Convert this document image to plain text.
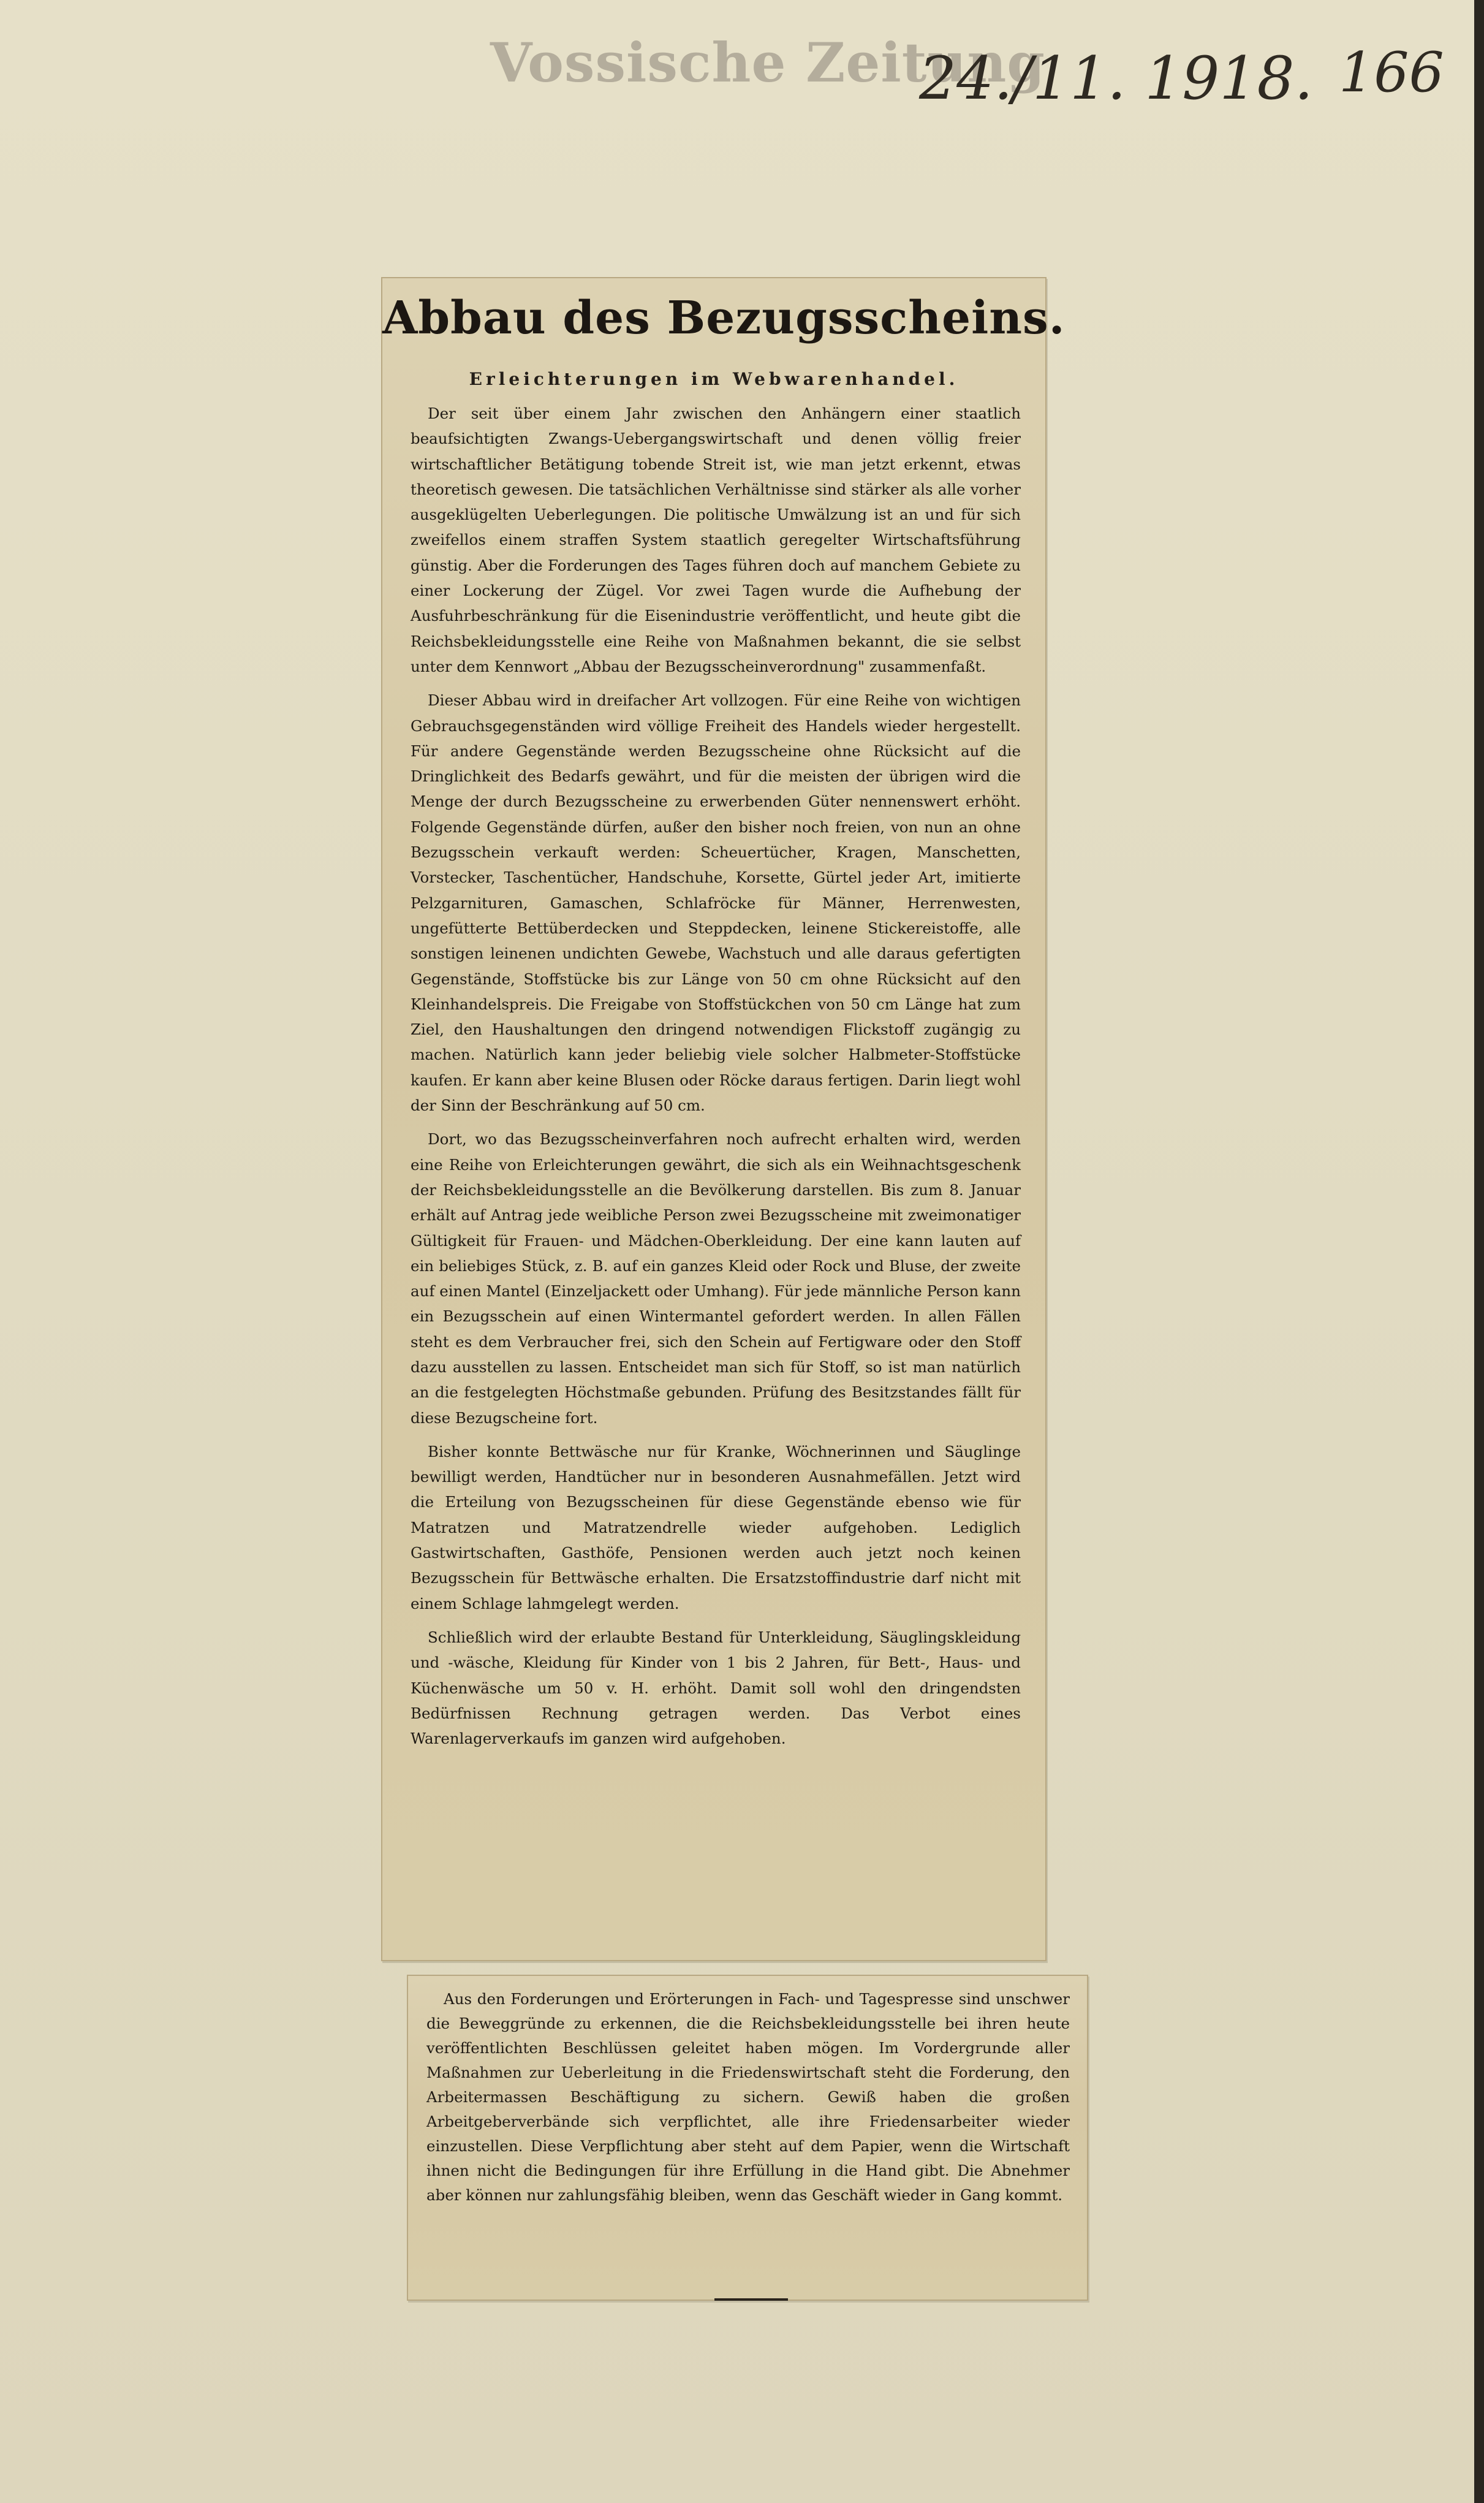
Vossische Zeitung
24./11. 1918. 166
Abbau des Bezugsscheins.
Erleichterungen im Webwarenhandel.

Der seit über einem Jahr zwischen den Anhängern einer staatlich beaufsichtigten Zwangs-Uebergangswirtschaft und denen völlig freier wirtschaftlicher Betätigung tobende Streit ist, wie man jetzt erkennt, etwas theoretisch gewesen. Die tatsächlichen Verhältnisse sind stärker als alle vorher ausgeklügelten Ueberlegungen. Die politische Umwälzung ist an und für sich zweifellos einem straffen System staatlich geregelter Wirtschaftsführung günstig. Aber die Forderungen des Tages führen doch auf manchem Gebiete zu einer Lockerung der Zügel. Vor zwei Tagen wurde die Aufhebung der Ausfuhrbeschränkung für die Eisenindustrie veröffentlicht, und heute gibt die Reichsbekleidungsstelle eine Reihe von Maßnahmen bekannt, die sie selbst unter dem Kennwort „Abbau der Bezugsscheinverordnung" zusammenfaßt.

Dieser Abbau wird in dreifacher Art vollzogen. Für eine Reihe von wichtigen Gebrauchsgegenständen wird völlige Freiheit des Handels wieder hergestellt. Für andere Gegenstände werden Bezugsscheine ohne Rücksicht auf die Dringlichkeit des Bedarfs gewährt, und für die meisten der übrigen wird die Menge der durch Bezugsscheine zu erwerbenden Güter nennenswert erhöht. Folgende Gegenstände dürfen, außer den bisher noch freien, von nun an ohne Bezugsschein verkauft werden: Scheuertücher, Kragen, Manschetten, Vorstecker, Taschentücher, Handschuhe, Korsette, Gürtel jeder Art, imitierte Pelzgarnituren, Gamaschen, Schlafröcke für Männer, Herrenwesten, ungefütterte Bettüberdecken und Steppdecken, leinene Stickereistoffe, alle sonstigen leinenen undichten Gewebe, Wachstuch und alle daraus gefertigten Gegenstände, Stoffstücke bis zur Länge von 50 cm ohne Rücksicht auf den Kleinhandelspreis. Die Freigabe von Stoffstückchen von 50 cm Länge hat zum Ziel, den Haushaltungen den dringend notwendigen Flickstoff zugängig zu machen. Natürlich kann jeder beliebig viele solcher Halbmeter-Stoffstücke kaufen. Er kann aber keine Blusen oder Röcke daraus fertigen. Darin liegt wohl der Sinn der Beschränkung auf 50 cm.

Dort, wo das Bezugsscheinverfahren noch aufrecht erhalten wird, werden eine Reihe von Erleichterungen gewährt, die sich als ein Weihnachtsgeschenk der Reichsbekleidungsstelle an die Bevölkerung darstellen. Bis zum 8. Januar erhält auf Antrag jede weibliche Person zwei Bezugsscheine mit zweimonatiger Gültigkeit für Frauen- und Mädchen-Oberkleidung. Der eine kann lauten auf ein beliebiges Stück, z. B. auf ein ganzes Kleid oder Rock und Bluse, der zweite auf einen Mantel (Einzeljackett oder Umhang). Für jede männliche Person kann ein Bezugsschein auf einen Wintermantel gefordert werden. In allen Fällen steht es dem Verbraucher frei, sich den Schein auf Fertigware oder den Stoff dazu ausstellen zu lassen. Entscheidet man sich für Stoff, so ist man natürlich an die festgelegten Höchstmaße gebunden. Prüfung des Besitzstandes fällt für diese Bezugscheine fort.

Bisher konnte Bettwäsche nur für Kranke, Wöchnerinnen und Säuglinge bewilligt werden, Handtücher nur in besonderen Ausnahmefällen. Jetzt wird die Erteilung von Bezugsscheinen für diese Gegenstände ebenso wie für Matratzen und Matratzendrelle wieder aufgehoben. Lediglich Gastwirtschaften, Gasthöfe, Pensionen werden auch jetzt noch keinen Bezugsschein für Bettwäsche erhalten. Die Ersatzstoffindustrie darf nicht mit einem Schlage lahmgelegt werden.

Schließlich wird der erlaubte Bestand für Unterkleidung, Säuglingskleidung und -wäsche, Kleidung für Kinder von 1 bis 2 Jahren, für Bett-, Haus- und Küchenwäsche um 50 v. H. erhöht. Damit soll wohl den dringendsten Bedürfnissen Rechnung getragen werden. Das Verbot eines Warenlagerverkaufs im ganzen wird aufgehoben.

Aus den Forderungen und Erörterungen in Fach- und Tagespresse sind unschwer die Beweggründe zu erkennen, die die Reichsbekleidungsstelle bei ihren heute veröffentlichten Beschlüssen geleitet haben mögen. Im Vordergrunde aller Maßnahmen zur Ueberleitung in die Friedenswirtschaft steht die Forderung, den Arbeitermassen Beschäftigung zu sichern. Gewiß haben die großen Arbeitgeberverbände sich verpflichtet, alle ihre Friedensarbeiter wieder einzustellen. Diese Verpflichtung aber steht auf dem Papier, wenn die Wirtschaft ihnen nicht die Bedingungen für ihre Erfüllung in die Hand gibt. Die Abnehmer aber können nur zahlungsfähig bleiben, wenn das Geschäft wieder in Gang kommt.
